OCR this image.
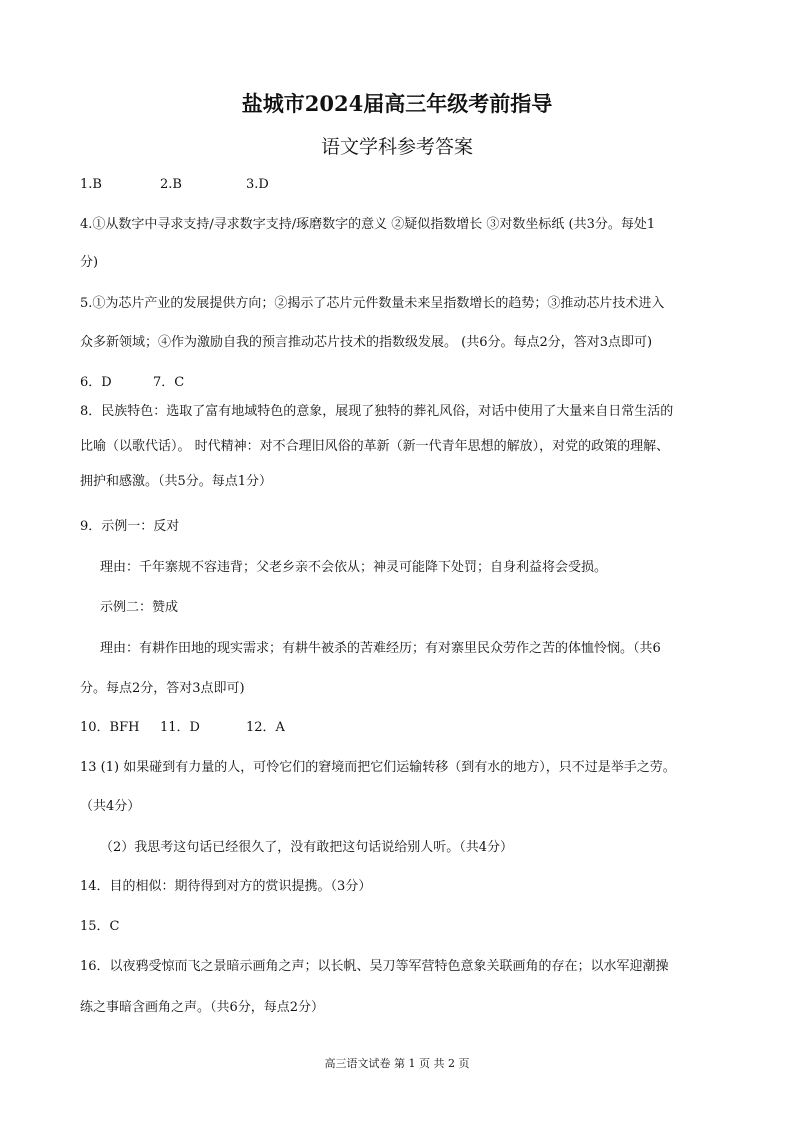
盐城市2024届高三年级考前指导
语文学科参考答案
1.B	2.B	3.D
4.①从数字中寻求支持/寻求数字支持/琢磨数字的意义 ②疑似指数增长 ③对数坐标纸 (共3分。每处1
分)
5.①为芯片产业的发展提供方向；②揭示了芯片元件数量未来呈指数增长的趋势；③推动芯片技术进入
众多新领域；④作为激励自我的预言推动芯片技术的指数级发展。 (共6分。每点2分，答对3点即可)
6．D	7．C
8．民族特色：选取了富有地域特色的意象，展现了独特的葬礼风俗，对话中使用了大量来自日常生活的
比喻（以歌代话）。 时代精神：对不合理旧风俗的革新（新一代青年思想的解放），对党的政策的理解、
拥护和感激。（共5分。每点1分）
9．示例一：反对
理由：千年寨规不容违背；父老乡亲不会依从；神灵可能降下处罚；自身利益将会受损。
示例二：赞成
理由：有耕作田地的现实需求；有耕牛被杀的苦难经历；有对寨里民众劳作之苦的体恤怜悯。（共6
分。每点2分，答对3点即可)
10．BFH 11．D	12．A
13 (1) 如果碰到有力量的人，可怜它们的窘境而把它们运输转移（到有水的地方），只不过是举手之劳。
（共4分）
（2）我思考这句话已经很久了，没有敢把这句话说给别人听。（共4分）
14．目的相似：期待得到对方的赏识提携。（3分）
15．C
16．以夜鸦受惊而飞之景暗示画角之声；以长帆、吴刀等军营特色意象关联画角的存在；以水军迎潮操
练之事暗含画角之声。（共6分，每点2分）
高三语文试卷 第 1 页 共 2 页
